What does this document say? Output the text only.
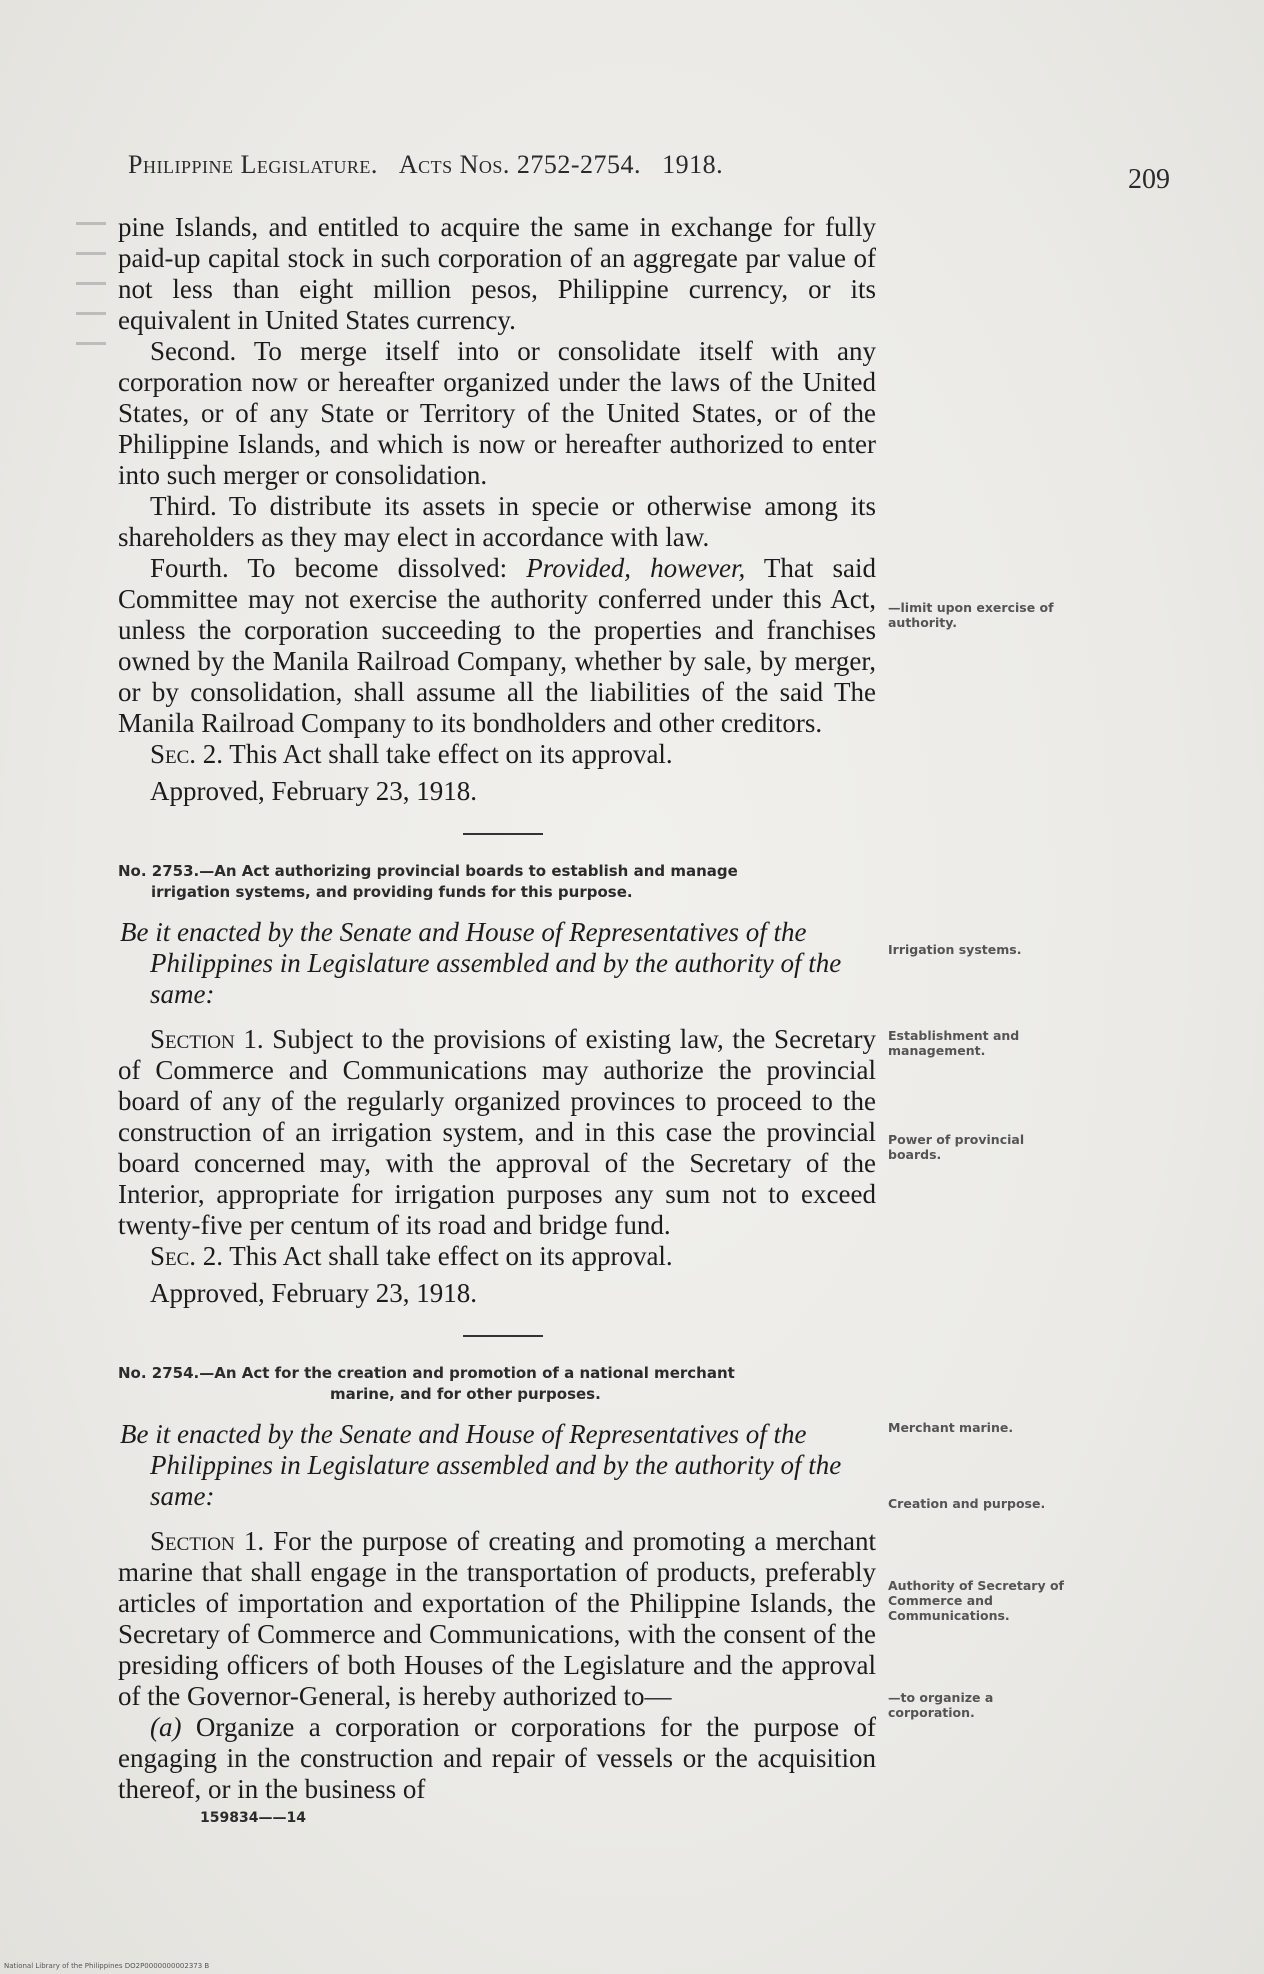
Philippine Legislature. Acts Nos. 2752-2754. 1918.	209

pine Islands, and entitled to acquire the same in exchange for fully paid-up capital stock in such corporation of an aggregate par value of not less than eight million pesos, Philippine currency, or its equivalent in United States currency.

Second. To merge itself into or consolidate itself with any corporation now or hereafter organized under the laws of the United States, or of any State or Territory of the United States, or of the Philippine Islands, and which is now or hereafter authorized to enter into such merger or consolidation.

Third. To distribute its assets in specie or otherwise among its shareholders as they may elect in accordance with law.

Fourth. To become dissolved: Provided, however, That said Committee may not exercise the authority conferred under this Act, unless the corporation succeeding to the properties and franchises owned by the Manila Railroad Company, whether by sale, by merger, or by consolidation, shall assume all the liabilities of the said The Manila Railroad Company to its bondholders and other creditors.

Sec. 2. This Act shall take effect on its approval.

Approved, February 23, 1918.
No. 2753.—An Act authorizing provincial boards to establish and manage
irrigation systems, and providing funds for this purpose.
Be it enacted by the Senate and House of Representatives of the Philippines in Legislature assembled and by the authority of the same:

Section 1. Subject to the provisions of existing law, the Secretary of Commerce and Communications may authorize the provincial board of any of the regularly organized provinces to proceed to the construction of an irrigation system, and in this case the provincial board concerned may, with the approval of the Secretary of the Interior, appropriate for irrigation purposes any sum not to exceed twenty-five per centum of its road and bridge fund.

Sec. 2. This Act shall take effect on its approval.

Approved, February 23, 1918.
No. 2754.—An Act for the creation and promotion of a national merchant
marine, and for other purposes.
Be it enacted by the Senate and House of Representatives of the Philippines in Legislature assembled and by the authority of the same:

Section 1. For the purpose of creating and promoting a merchant marine that shall engage in the transportation of products, preferably articles of importation and exportation of the Philippine Islands, the Secretary of Commerce and Communications, with the consent of the presiding officers of both Houses of the Legislature and the approval of the Governor-General, is hereby authorized to—

(a) Organize a corporation or corporations for the purpose of engaging in the construction and repair of vessels or the acquisition thereof, or in the business of

—limit upon exercise of authority.
Irrigation systems.
Establishment and management.
Power of provincial boards.
Merchant marine.
Creation and purpose.
Authority of Secretary of Commerce and Communications.
—to organize a corporation.
159834——14
National Library of the Philippines DO2P0000000002373 B
